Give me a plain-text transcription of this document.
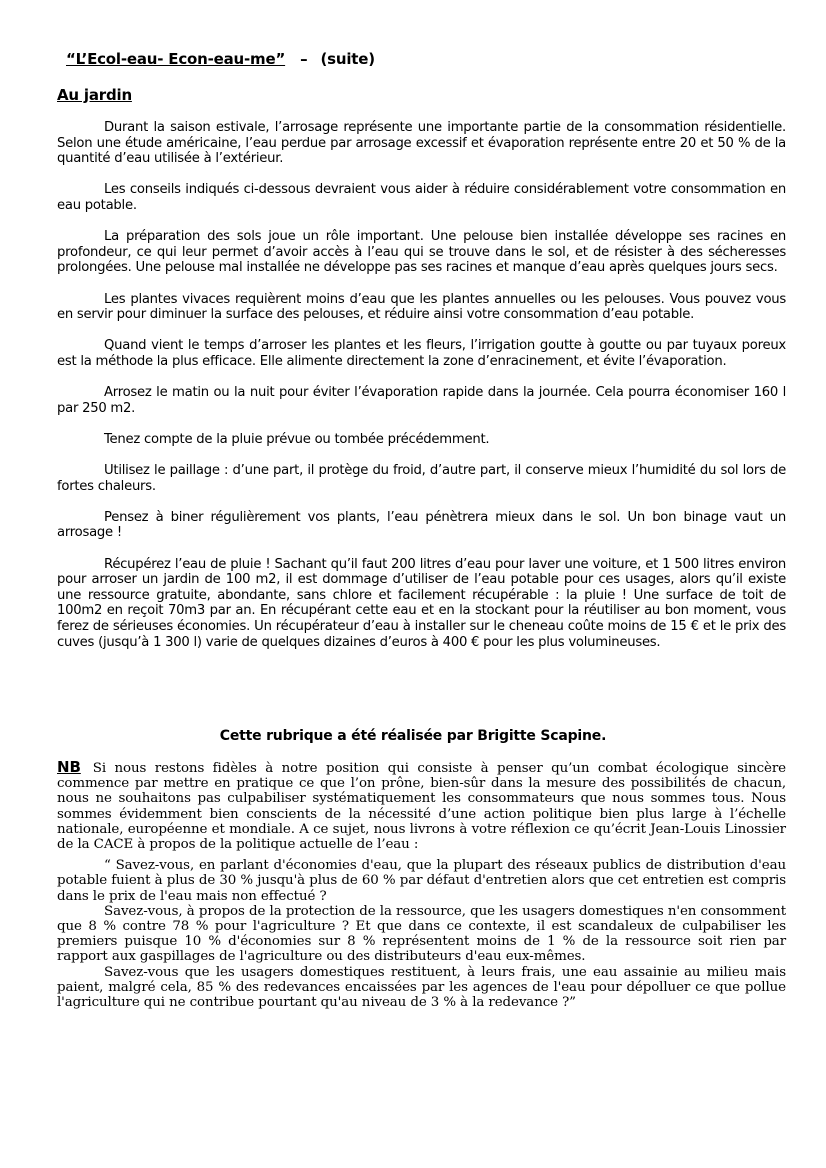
“L’Ecol-eau- Econ-eau-me” – (suite)
Au jardin

Durant la saison estivale, l’arrosage représente une importante partie de la consommation résidentielle. Selon une étude américaine, l’eau perdue par arrosage excessif et évaporation représente entre 20 et 50 % de la quantité d’eau utilisée à l’extérieur.

Les conseils indiqués ci-dessous devraient vous aider à réduire considérablement votre consommation en eau potable.

La préparation des sols joue un rôle important. Une pelouse bien installée développe ses racines en profondeur, ce qui leur permet d’avoir accès à l’eau qui se trouve dans le sol, et de résister à des sécheresses prolongées. Une pelouse mal installée ne développe pas ses racines et manque d’eau après quelques jours secs.

Les plantes vivaces requièrent moins d’eau que les plantes annuelles ou les pelouses. Vous pouvez vous en servir pour diminuer la surface des pelouses, et réduire ainsi votre consommation d’eau potable.

Quand vient le temps d’arroser les plantes et les fleurs, l’irrigation goutte à goutte ou par tuyaux poreux est la méthode la plus efficace. Elle alimente directement la zone d’enracinement, et évite l’évaporation.

Arrosez le matin ou la nuit pour éviter l’évaporation rapide dans la journée. Cela pourra économiser 160 l par 250 m2.

Tenez compte de la pluie prévue ou tombée précédemment.

Utilisez le paillage : d’une part, il protège du froid, d’autre part, il conserve mieux l’humidité du sol lors de fortes chaleurs.

Pensez à biner régulièrement vos plants, l’eau pénètrera mieux dans le sol. Un bon binage vaut un arrosage !

Récupérez l’eau de pluie ! Sachant qu’il faut 200 litres d’eau pour laver une voiture, et 1 500 litres environ pour arroser un jardin de 100 m2, il est dommage d’utiliser de l’eau potable pour ces usages, alors qu’il existe une ressource gratuite, abondante, sans chlore et facilement récupérable : la pluie ! Une surface de toit de 100m2 en reçoit 70m3 par an. En récupérant cette eau et en la stockant pour la réutiliser au bon moment, vous ferez de sérieuses économies. Un récupérateur d’eau à installer sur le cheneau coûte moins de 15 € et le prix des cuves (jusqu’à 1 300 l) varie de quelques dizaines d’euros à 400 € pour les plus volumineuses.

Cette rubrique a été réalisée par Brigitte Scapine.

NB Si nous restons fidèles à notre position qui consiste à penser qu’un combat écologique sincère commence par mettre en pratique ce que l’on prône, bien-sûr dans la mesure des possibilités de chacun, nous ne souhaitons pas culpabiliser systématiquement les consommateurs que nous sommes tous. Nous sommes évidemment bien conscients de la nécessité d’une action politique bien plus large à l’échelle nationale, européenne et mondiale. A ce sujet, nous livrons à votre réflexion ce qu’écrit Jean-Louis Linossier de la CACE à propos de la politique actuelle de l’eau :

“ Savez-vous, en parlant d'économies d'eau, que la plupart des réseaux publics de distribution d'eau potable fuient à plus de 30 % jusqu'à plus de 60 % par défaut d'entretien alors que cet entretien est compris dans le prix de l'eau mais non effectué ?

Savez-vous, à propos de la protection de la ressource, que les usagers domestiques n'en consomment que 8 % contre 78 % pour l'agriculture ? Et que dans ce contexte, il est scandaleux de culpabiliser les premiers puisque 10 % d'économies sur 8 % représentent moins de 1 % de la ressource soit rien par rapport aux gaspillages de l'agriculture ou des distributeurs d'eau eux-mêmes.

Savez-vous que les usagers domestiques restituent, à leurs frais, une eau assainie au milieu mais paient, malgré cela, 85 % des redevances encaissées par les agences de l'eau pour dépolluer ce que pollue l'agriculture qui ne contribue pourtant qu'au niveau de 3 % à la redevance ?”
